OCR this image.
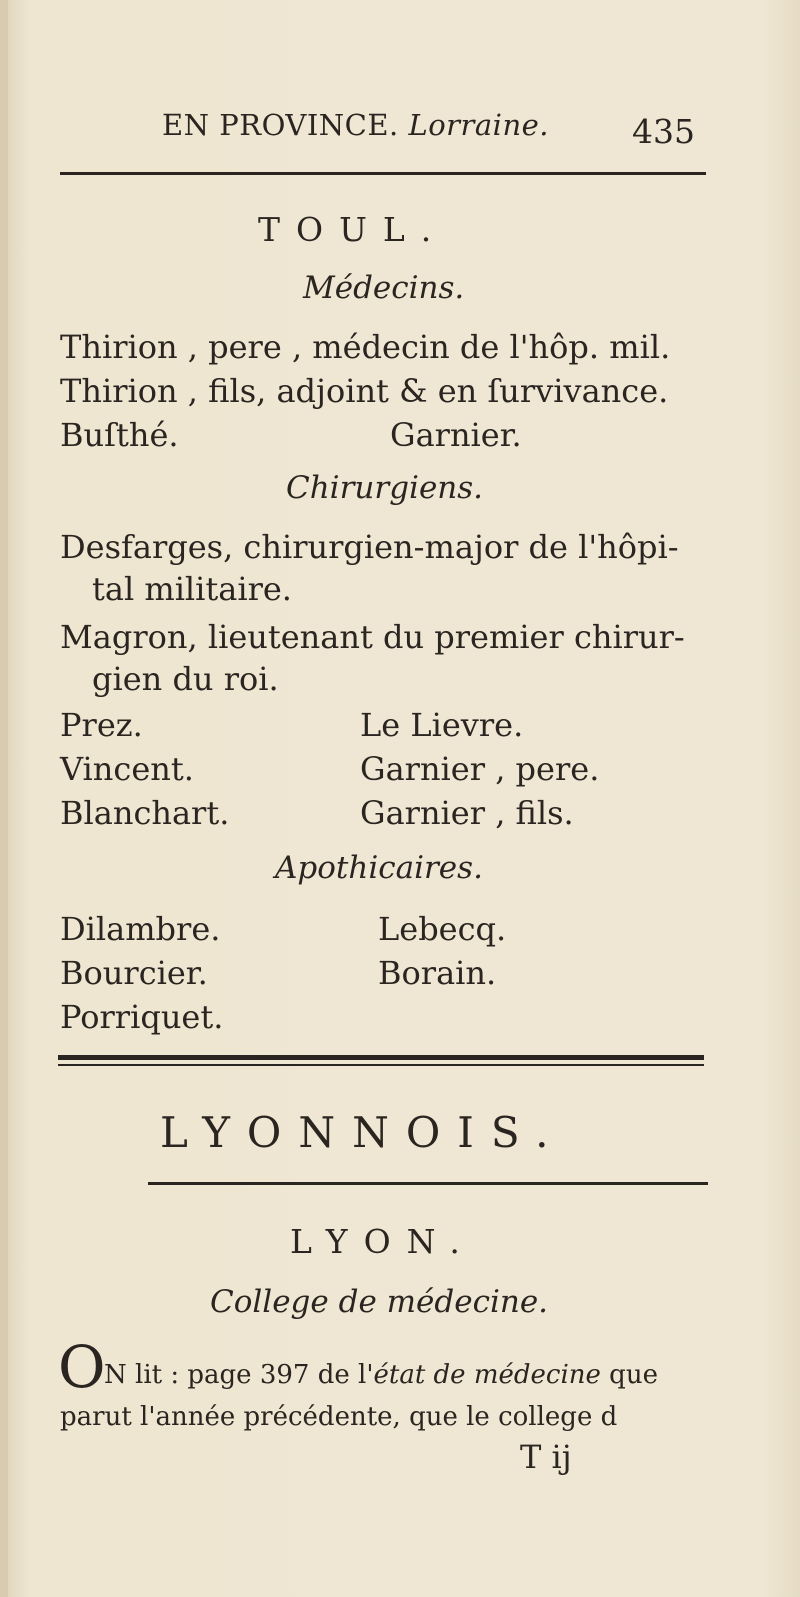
EN PROVINCE. Lorraine.	435
TOUL.
Médecins.
Thirion , pere , médecin de l'hôp. mil.
Thirion , fils, adjoint & en ſurvivance.
Buſthé.	Garnier.
Chirurgiens.
Desfarges, chirurgien-major de l'hôpi-
tal militaire.
Magron, lieutenant du premier chirur-
gien du roi.
Prez.	Le Lievre.
Vincent.	Garnier , pere.
Blanchart.	Garnier , fils.
Apothicaires.
Dilambre.	Lebecq.
Bourcier.	Borain.
Porriquet.
LYONNOIS.
LYON.
College de médecine.
O
N lit : page 397 de l'état de médecine que
parut l'année précédente, que le college d
T ij
